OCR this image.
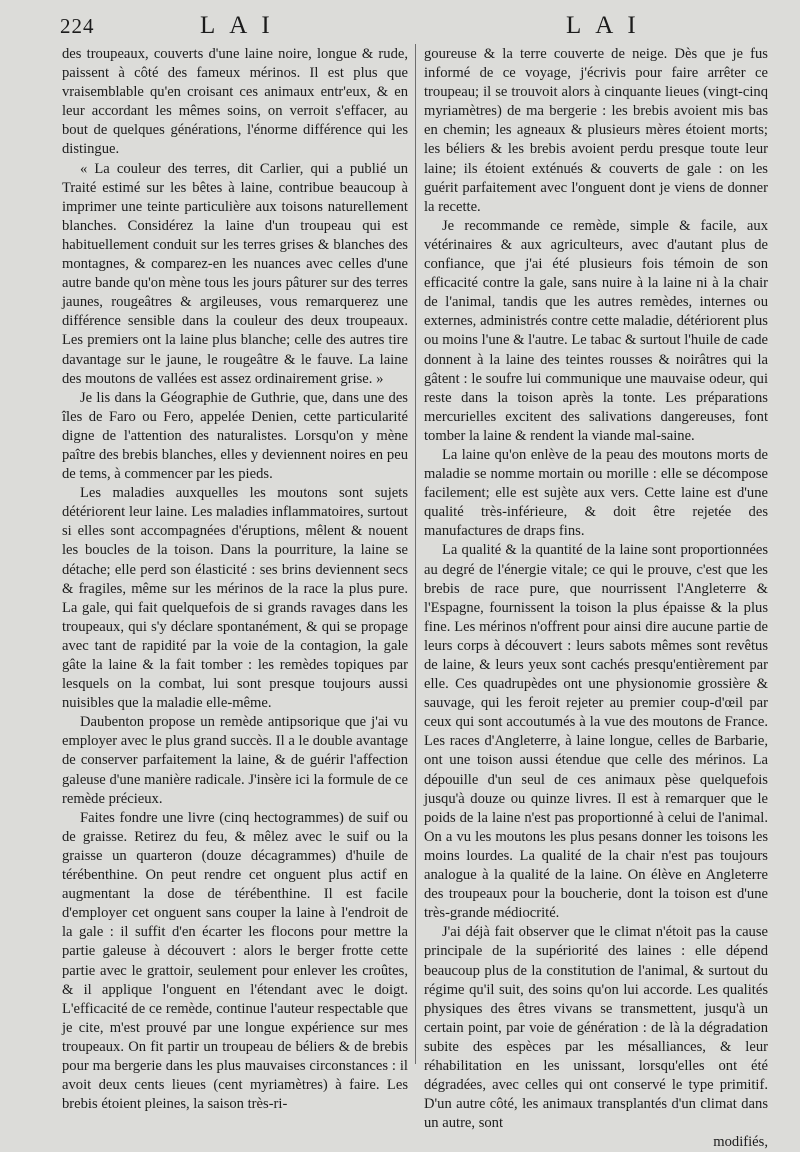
224	LAI	LAI

des troupeaux, couverts d'une laine noire, longue & rude, paissent à côté des fameux mérinos. Il est plus que vraisemblable qu'en croisant ces animaux entr'eux, & en leur accordant les mêmes soins, on verroit s'effacer, au bout de quelques générations, l'énorme différence qui les distingue.

« La couleur des terres, dit Carlier, qui a publié un Traité estimé sur les bêtes à laine, contribue beaucoup à imprimer une teinte particulière aux toisons naturellement blanches. Considérez la laine d'un troupeau qui est habituellement conduit sur les terres grises & blanches des montagnes, & comparez-en les nuances avec celles d'une autre bande qu'on mène tous les jours pâturer sur des terres jaunes, rougeâtres & argileuses, vous remarquerez une différence sensible dans la couleur des deux troupeaux. Les premiers ont la laine plus blanche; celle des autres tire davantage sur le jaune, le rougeâtre & le fauve. La laine des moutons de vallées est assez ordinairement grise. »

Je lis dans la Géographie de Guthrie, que, dans une des îles de Faro ou Fero, appelée Denien, cette particularité digne de l'attention des naturalistes. Lorsqu'on y mène paître des brebis blanches, elles y deviennent noires en peu de tems, à commencer par les pieds.

Les maladies auxquelles les moutons sont sujets détériorent leur laine. Les maladies inflammatoires, surtout si elles sont accompagnées d'éruptions, mêlent & nouent les boucles de la toison. Dans la pourriture, la laine se détache; elle perd son élasticité : ses brins deviennent secs & fragiles, même sur les mérinos de la race la plus pure. La gale, qui fait quelquefois de si grands ravages dans les troupeaux, qui s'y déclare spontanément, & qui se propage avec tant de rapidité par la voie de la contagion, la gale gâte la laine & la fait tomber : les remèdes topiques par lesquels on la combat, lui sont presque toujours aussi nuisibles que la maladie elle-même.

Daubenton propose un remède antipsorique que j'ai vu employer avec le plus grand succès. Il a le double avantage de conserver parfaitement la laine, & de guérir l'affection galeuse d'une manière radicale. J'insère ici la formule de ce remède précieux.

Faites fondre une livre (cinq hectogrammes) de suif ou de graisse. Retirez du feu, & mêlez avec le suif ou la graisse un quarteron (douze décagrammes) d'huile de térébenthine. On peut rendre cet onguent plus actif en augmentant la dose de térébenthine. Il est facile d'employer cet onguent sans couper la laine à l'endroit de la gale : il suffit d'en écarter les flocons pour mettre la partie galeuse à découvert : alors le berger frotte cette partie avec le grattoir, seulement pour enlever les croûtes, & il applique l'onguent en l'étendant avec le doigt. L'efficacité de ce remède, continue l'auteur respectable que je cite, m'est prouvé par une longue expérience sur mes troupeaux. On fit partir un troupeau de béliers & de brebis pour ma bergerie dans les plus mauvaises circonstances : il avoit deux cents lieues (cent myriamètres) à faire. Les brebis étoient pleines, la saison très-ri-

goureuse & la terre couverte de neige. Dès que je fus informé de ce voyage, j'écrivis pour faire arrêter ce troupeau; il se trouvoit alors à cinquante lieues (vingt-cinq myriamètres) de ma bergerie : les brebis avoient mis bas en chemin; les agneaux & plusieurs mères étoient morts; les béliers & les brebis avoient perdu presque toute leur laine; ils étoient exténués & couverts de gale : on les guérit parfaitement avec l'onguent dont je viens de donner la recette.

Je recommande ce remède, simple & facile, aux vétérinaires & aux agriculteurs, avec d'autant plus de confiance, que j'ai été plusieurs fois témoin de son efficacité contre la gale, sans nuire à la laine ni à la chair de l'animal, tandis que les autres remèdes, internes ou externes, administrés contre cette maladie, détériorent plus ou moins l'une & l'autre. Le tabac & surtout l'huile de cade donnent à la laine des teintes rousses & noirâtres qui la gâtent : le soufre lui communique une mauvaise odeur, qui reste dans la toison après la tonte. Les préparations mercurielles excitent des salivations dangereuses, font tomber la laine & rendent la viande mal-saine.

La laine qu'on enlève de la peau des moutons morts de maladie se nomme mortain ou morille : elle se décompose facilement; elle est sujète aux vers. Cette laine est d'une qualité très-inférieure, & doit être rejetée des manufactures de draps fins.

La qualité & la quantité de la laine sont proportionnées au degré de l'énergie vitale; ce qui le prouve, c'est que les brebis de race pure, que nourrissent l'Angleterre & l'Espagne, fournissent la toison la plus épaisse & la plus fine. Les mérinos n'offrent pour ainsi dire aucune partie de leurs corps à découvert : leurs sabots mêmes sont revêtus de laine, & leurs yeux sont cachés presqu'entièrement par elle. Ces quadrupèdes ont une physionomie grossière & sauvage, qui les feroit rejeter au premier coup-d'œil par ceux qui sont accoutumés à la vue des moutons de France. Les races d'Angleterre, à laine longue, celles de Barbarie, ont une toison aussi étendue que celle des mérinos. La dépouille d'un seul de ces animaux pèse quelquefois jusqu'à douze ou quinze livres. Il est à remarquer que le poids de la laine n'est pas proportionné à celui de l'animal. On a vu les moutons les plus pesans donner les toisons les moins lourdes. La qualité de la chair n'est pas toujours analogue à la qualité de la laine. On élève en Angleterre des troupeaux pour la boucherie, dont la toison est d'une très-grande médiocrité.

J'ai déjà fait observer que le climat n'étoit pas la cause principale de la supériorité des laines : elle dépend beaucoup plus de la constitution de l'animal, & surtout du régime qu'il suit, des soins qu'on lui accorde. Les qualités physiques des êtres vivans se transmettent, jusqu'à un certain point, par voie de génération : de là la dégradation subite des espèces par les mésalliances, & leur réhabilitation en les unissant, lorsqu'elles ont été dégradées, avec celles qui ont conservé le type primitif. D'un autre côté, les animaux transplantés d'un climat dans un autre, sont

modifiés,
